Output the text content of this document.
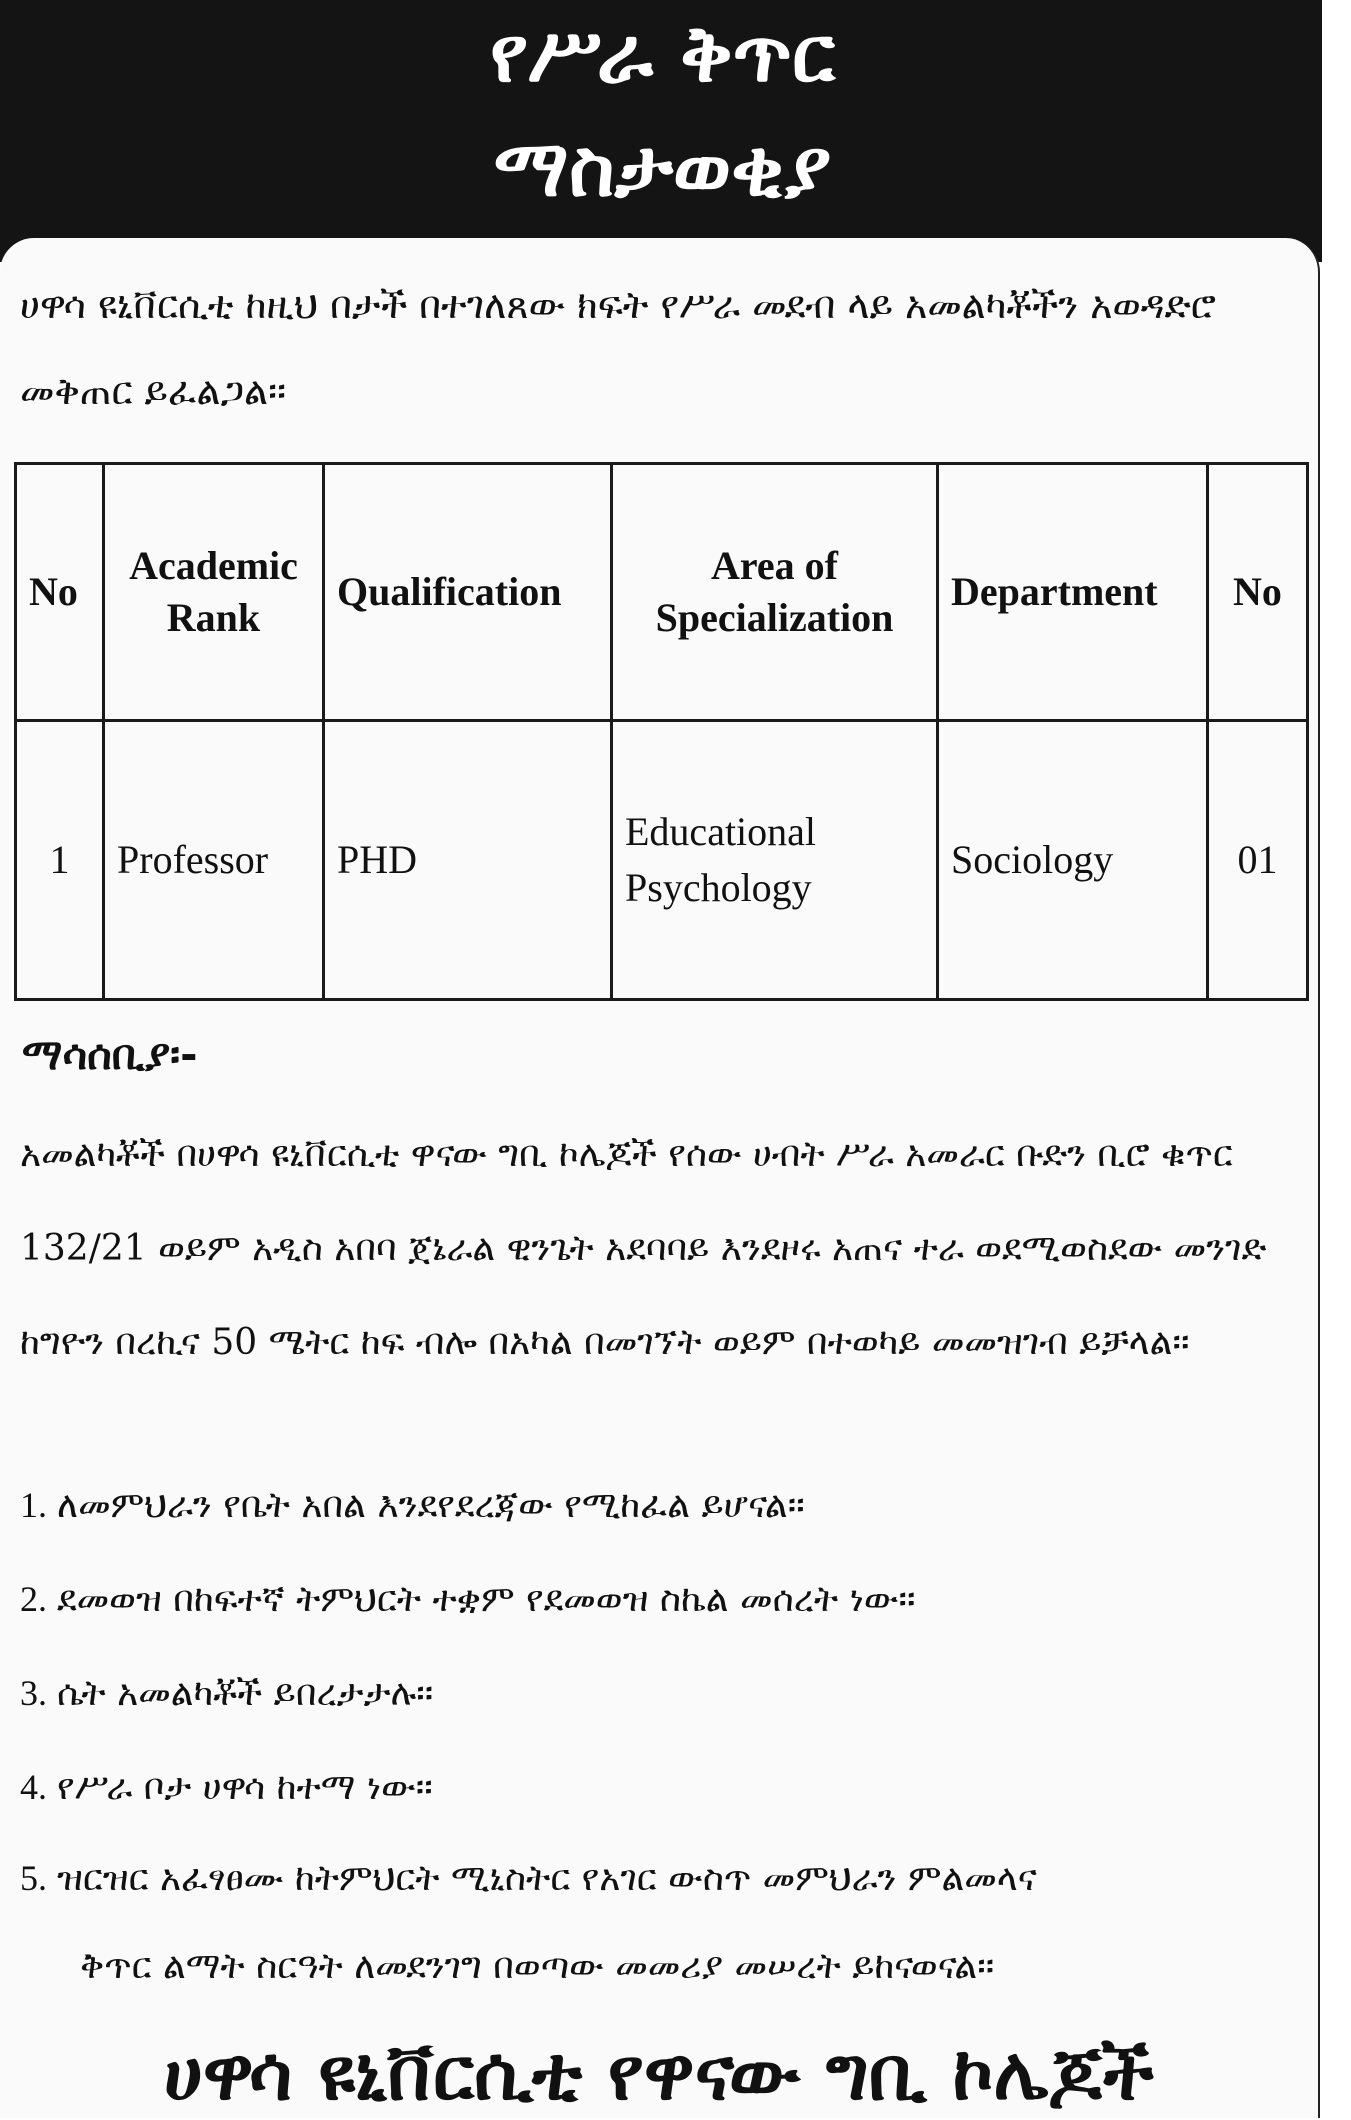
የሥራ ቅጥር
ማስታወቂያ
ሀዋሳ ዩኒቨርሲቲ ከዚህ በታች በተገለጸው ክፍት የሥራ መደብ ላይ አመልካቾችን አወዳድሮ መቅጠር ይፈልጋል፡፡
No	Academic Rank	Qualification	Area of Specialization	Department	No
1	Professor	PHD	Educational Psychology	Sociology	01
ማሳሰቢያ፡-
አመልካቾች በሀዋሳ ዩኒቨርሲቲ ዋናው ግቢ ኮሌጆች የሰው ሀብት ሥራ አመራር ቡድን ቢሮ ቁጥር 132/21 ወይም አዲስ አበባ ጀኔራል ዊንጌት አደባባይ እንደዞሩ አጠና ተራ ወደሚወስደው መንገድ ከግዮን በረኪና 50 ሜትር ከፍ ብሎ በአካል በመገኘት ወይም በተወካይ መመዝገብ ይቻላል፡፡
1. ለመምህራን የቤት አበል እንደየደረጃው የሚከፈል ይሆናል፡፡
2. ደመወዝ በከፍተኛ ትምህርት ተቋም የደመወዝ ስኬል መሰረት ነው፡፡
3. ሴት አመልካቾች ይበረታታሉ፡፡
4. የሥራ ቦታ ሀዋሳ ከተማ ነው፡፡
5. ዝርዝር አፈፃፀሙ ከትምህርት ሚኒስትር የአገር ውስጥ መምህራን ምልመላና
ቅጥር ልማት ስርዓት ለመደንገግ በወጣው መመሪያ መሠረት ይከናወናል፡፡
ሀዋሳ ዩኒቨርሲቲ የዋናው ግቢ ኮሌጆች
